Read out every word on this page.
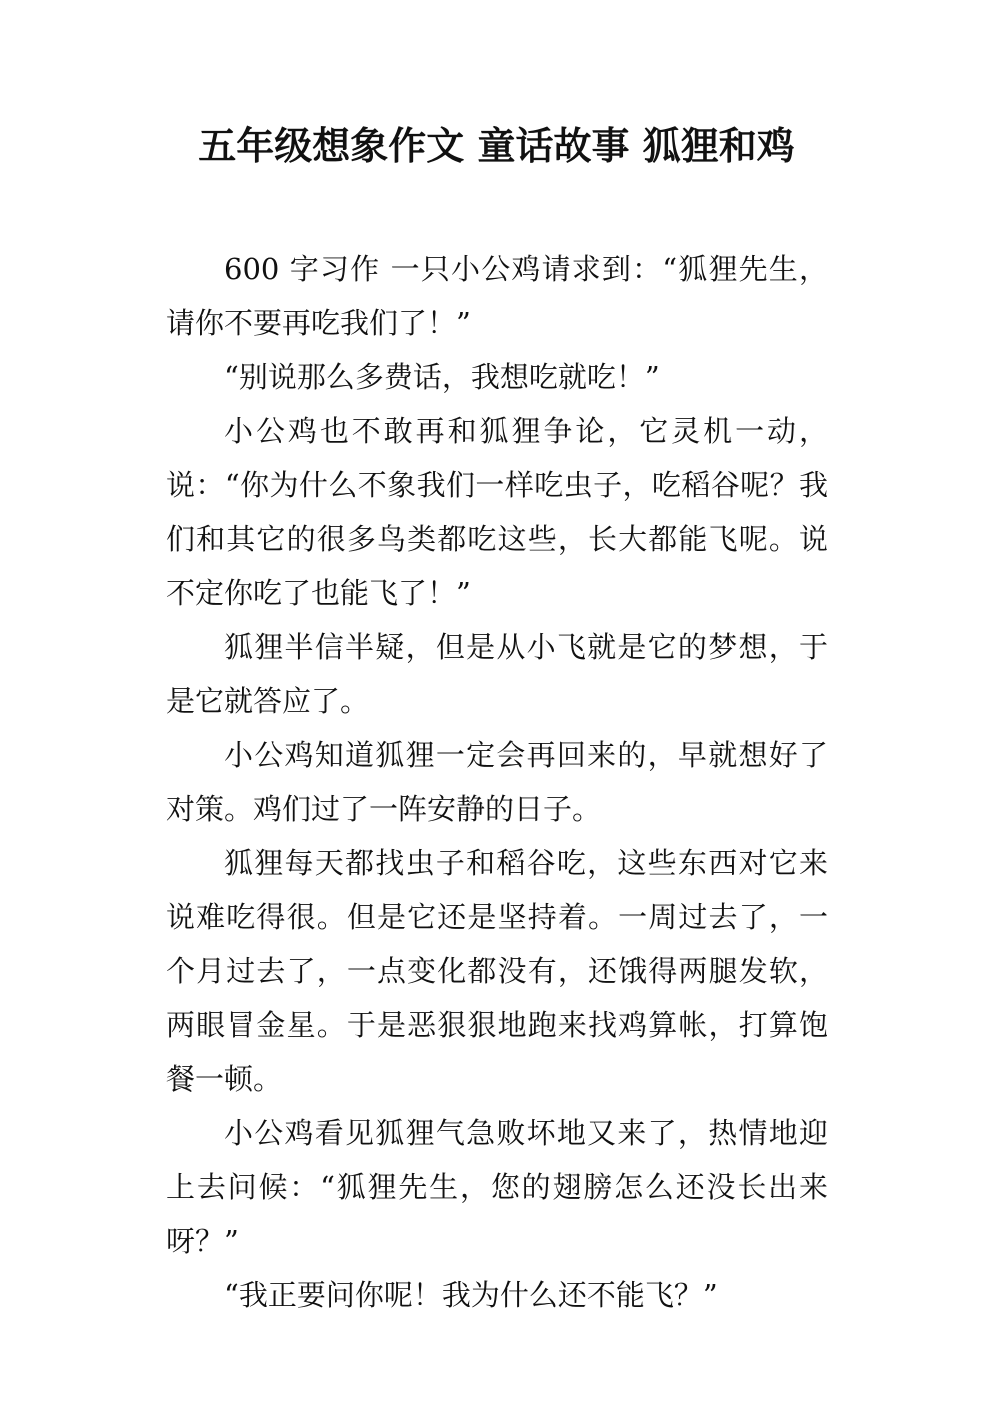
五年级想象作文 童话故事 狐狸和鸡

600 字习作 一只小公鸡请求到：“狐狸先生，请你不要再吃我们了！”

“别说那么多费话，我想吃就吃！”

小公鸡也不敢再和狐狸争论，它灵机一动，说：“你为什么不象我们一样吃虫子，吃稻谷呢？我们和其它的很多鸟类都吃这些，长大都能飞呢。说不定你吃了也能飞了！”

狐狸半信半疑，但是从小飞就是它的梦想，于是它就答应了。

小公鸡知道狐狸一定会再回来的，早就想好了对策。鸡们过了一阵安静的日子。

狐狸每天都找虫子和稻谷吃，这些东西对它来说难吃得很。但是它还是坚持着。一周过去了，一个月过去了，一点变化都没有，还饿得两腿发软，两眼冒金星。于是恶狠狠地跑来找鸡算帐，打算饱餐一顿。

小公鸡看见狐狸气急败坏地又来了，热情地迎上去问候：“狐狸先生，您的翅膀怎么还没长出来呀？”

“我正要问你呢！我为什么还不能飞？”
